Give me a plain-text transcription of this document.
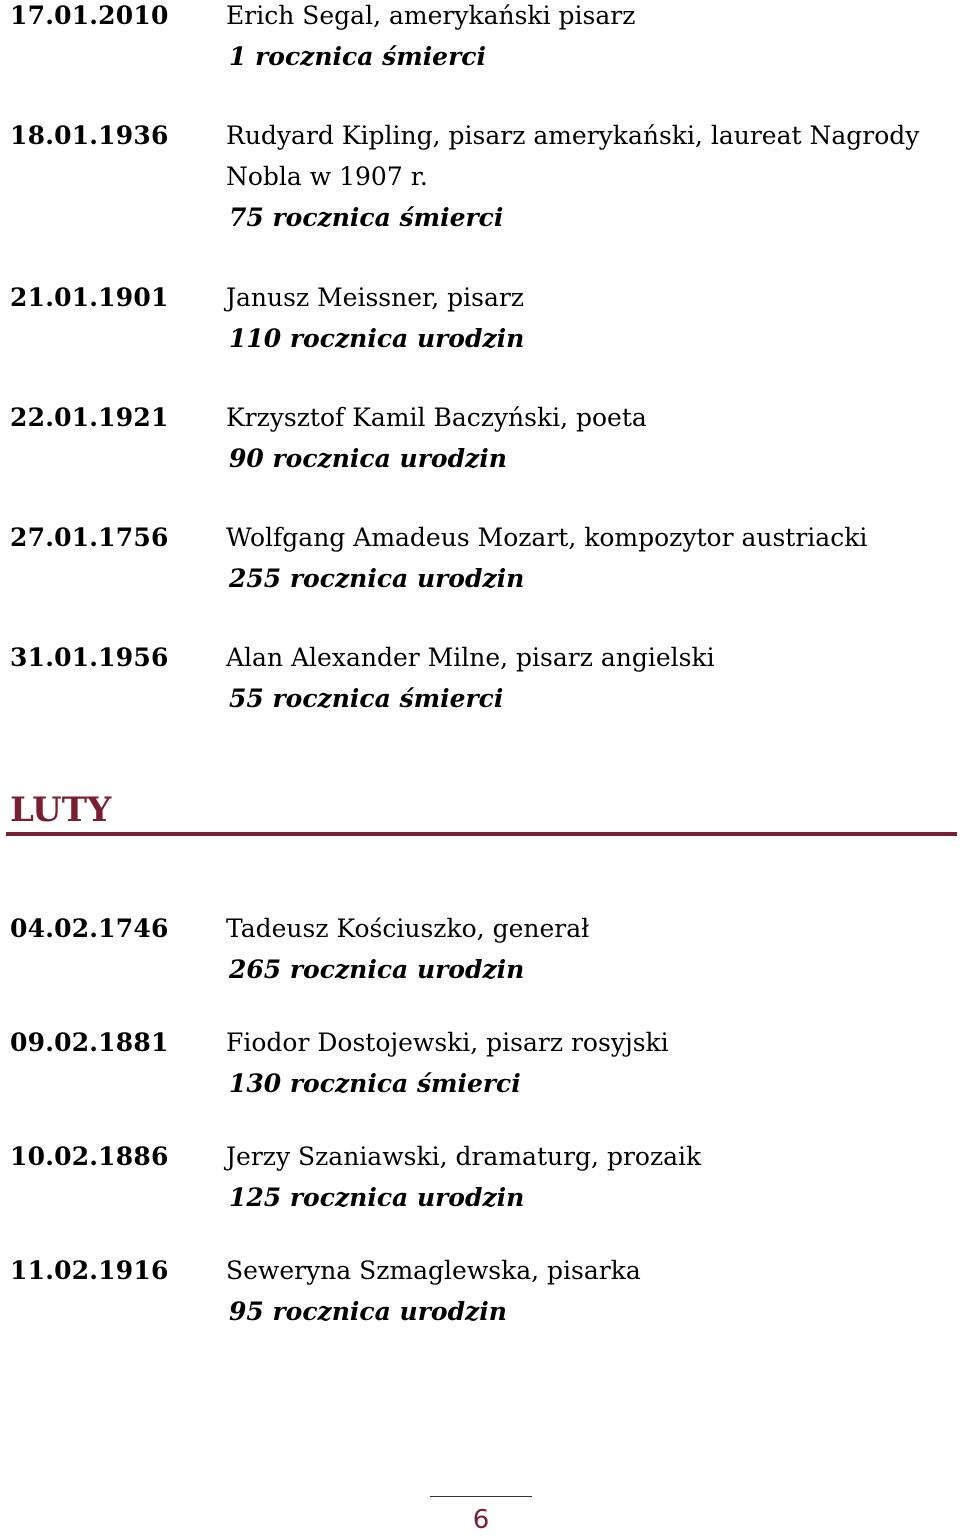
17.01.2010 Erich Segal, amerykański pisarz
1 rocznica śmierci
18.01.1936 Rudyard Kipling, pisarz amerykański, laureat Nagrody
Nobla w 1907 r.
75 rocznica śmierci
21.01.1901 Janusz Meissner, pisarz
110 rocznica urodzin
22.01.1921 Krzysztof Kamil Baczyński, poeta
90 rocznica urodzin
27.01.1756 Wolfgang Amadeus Mozart, kompozytor austriacki
255 rocznica urodzin
31.01.1956 Alan Alexander Milne, pisarz angielski
55 rocznica śmierci
LUTY
04.02.1746 Tadeusz Kościuszko, generał
265 rocznica urodzin
09.02.1881 Fiodor Dostojewski, pisarz rosyjski
130 rocznica śmierci
10.02.1886 Jerzy Szaniawski, dramaturg, prozaik
125 rocznica urodzin
11.02.1916 Seweryna Szmaglewska, pisarka
95 rocznica urodzin
6
